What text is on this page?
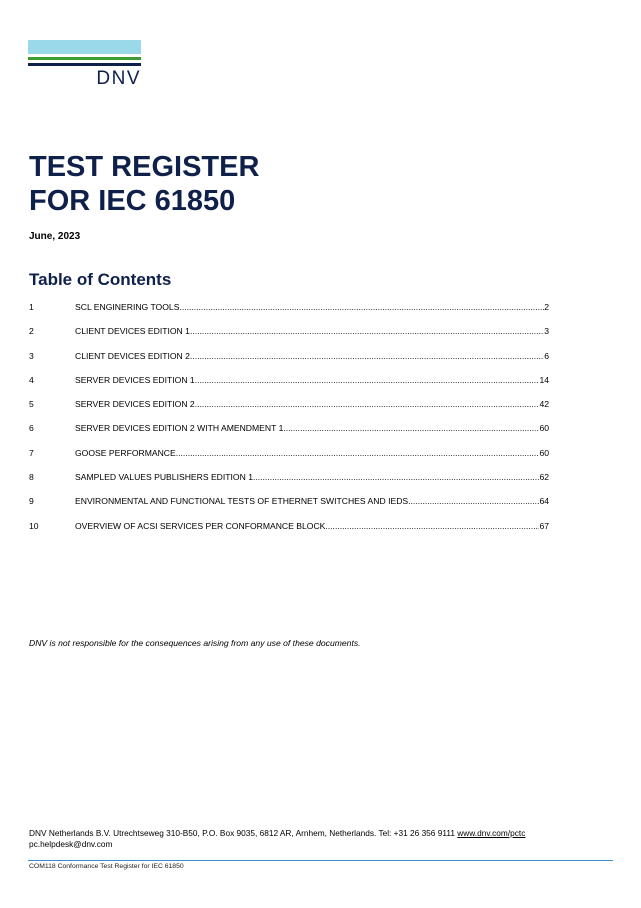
DNV
TEST REGISTER
FOR IEC 61850
June, 2023
Table of Contents
1	SCL ENGINERING TOOLS .....	2
2	CLIENT DEVICES EDITION 1 .....	3
3	CLIENT DEVICES EDITION 2 .....	6
4	SERVER DEVICES EDITION 1 .....	14
5	SERVER DEVICES EDITION 2 .....	42
6	SERVER DEVICES EDITION 2 WITH AMENDMENT 1 .....	60
7	GOOSE PERFORMANCE .....	60
8	SAMPLED VALUES PUBLISHERS EDITION 1 .....	62
9	ENVIRONMENTAL AND FUNCTIONAL TESTS OF ETHERNET SWITCHES AND IEDS .....	64
10	OVERVIEW OF ACSI SERVICES PER CONFORMANCE BLOCK .....	67
DNV is not responsible for the consequences arising from any use of these documents.
DNV Netherlands B.V. Utrechtseweg 310-B50, P.O. Box 9035, 6812 AR, Arnhem, Netherlands. Tel: +31 26 356 9111 www.dnv.com/pctc
pc.helpdesk@dnv.com
COM118 Conformance Test Register for IEC 61850
